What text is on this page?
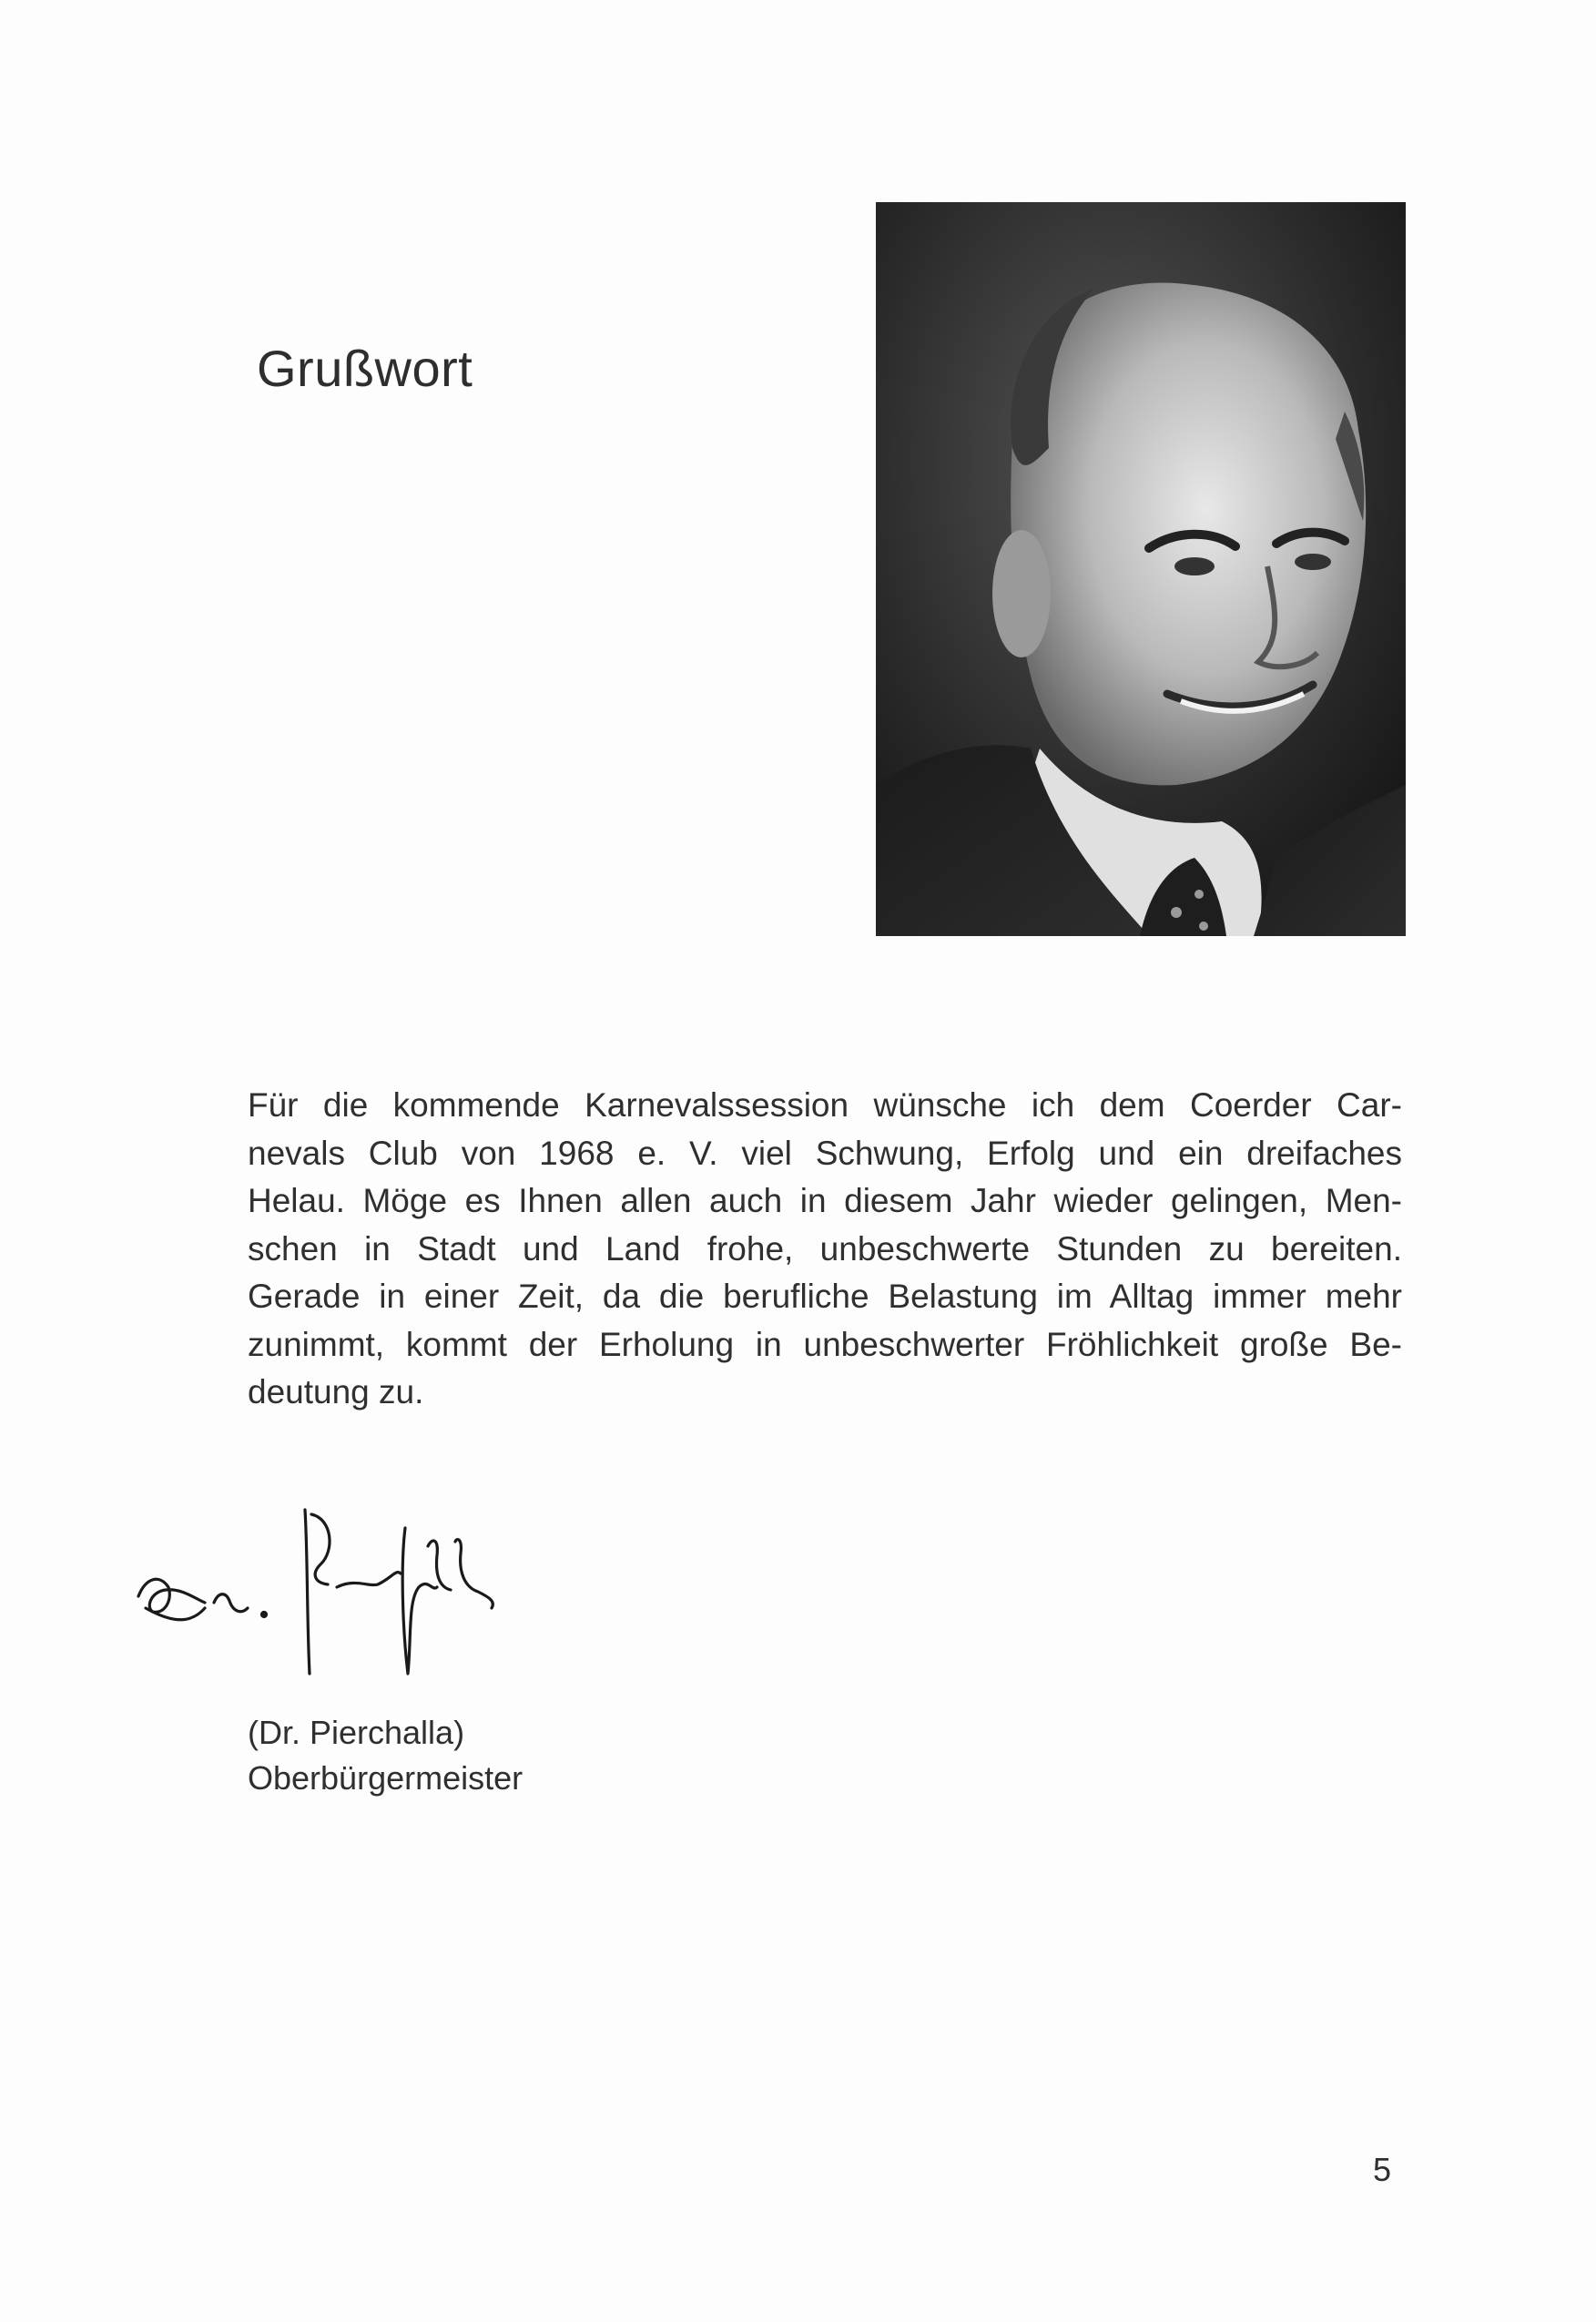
Grußwort
Für die kommende Karnevalssession wünsche ich dem Coerder Car-
nevals Club von 1968 e. V. viel Schwung, Erfolg und ein dreifaches
Helau. Möge es Ihnen allen auch in diesem Jahr wieder gelingen, Men-
schen in Stadt und Land frohe, unbeschwerte Stunden zu bereiten.
Gerade in einer Zeit, da die berufliche Belastung im Alltag immer mehr
zunimmt, kommt der Erholung in unbeschwerter Fröhlichkeit große Be-
deutung zu.
(Dr. Pierchalla)
Oberbürgermeister
5
